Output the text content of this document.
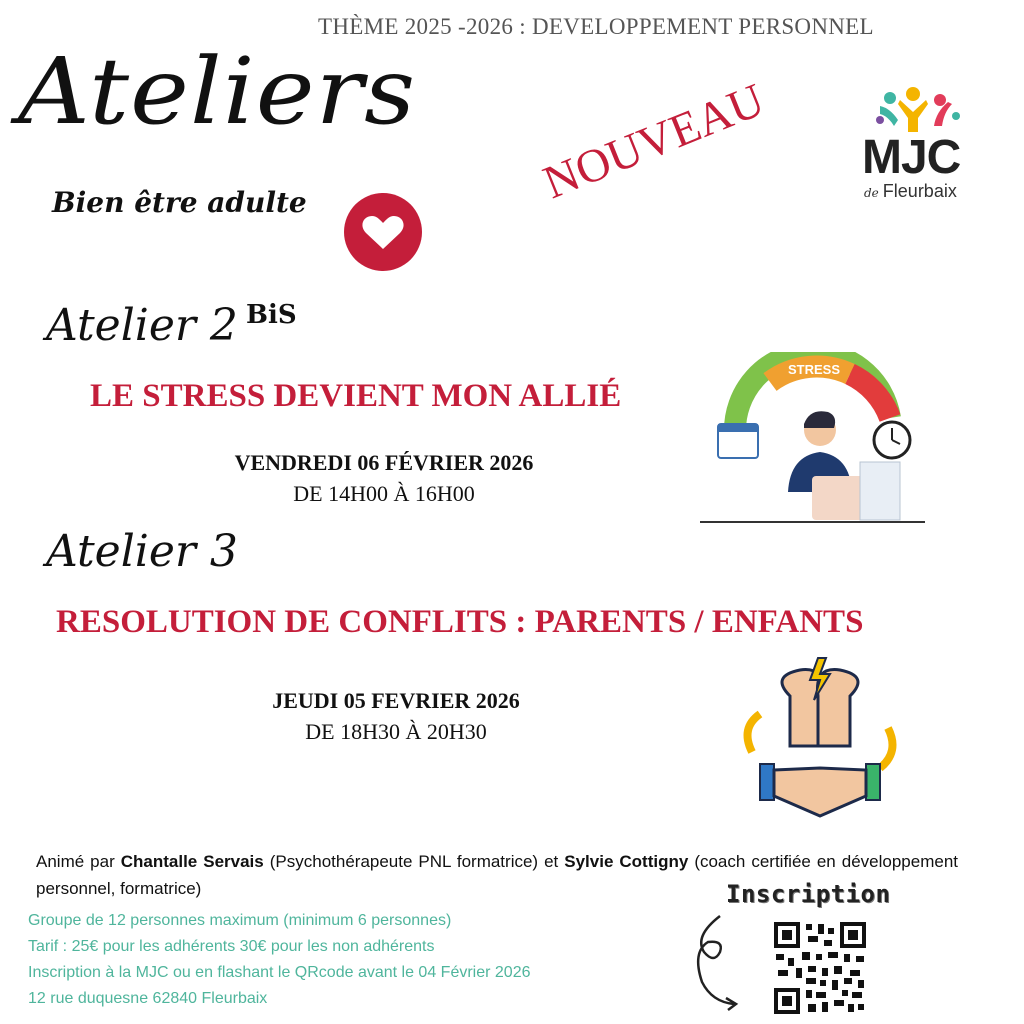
THÈME 2025 -2026 : DEVELOPPEMENT PERSONNEL
Ateliers
Bien être adulte	NOUVEAU MJC
de Fleurbaix
Atelier 2 BiS
LE STRESS DEVIENT MON ALLIÉ
VENDREDI 06 FÉVRIER 2026
DE 14H00 À 16H00
STRESS
Atelier 3
RESOLUTION DE CONFLITS : PARENTS / ENFANTS
JEUDI 05 FEVRIER 2026
DE 18H30 À 20H30
Animé par Chantalle Servais (Psychothérapeute PNL formatrice) et Sylvie Cottigny (coach certifiée en développement personnel, formatrice)
Groupe de 12 personnes maximum (minimum 6 personnes)
Tarif : 25€ pour les adhérents 30€ pour les non adhérents
Inscription à la MJC ou en flashant le QRcode avant le 04 Février 2026
12 rue duquesne 62840 Fleurbaix
Inscription
